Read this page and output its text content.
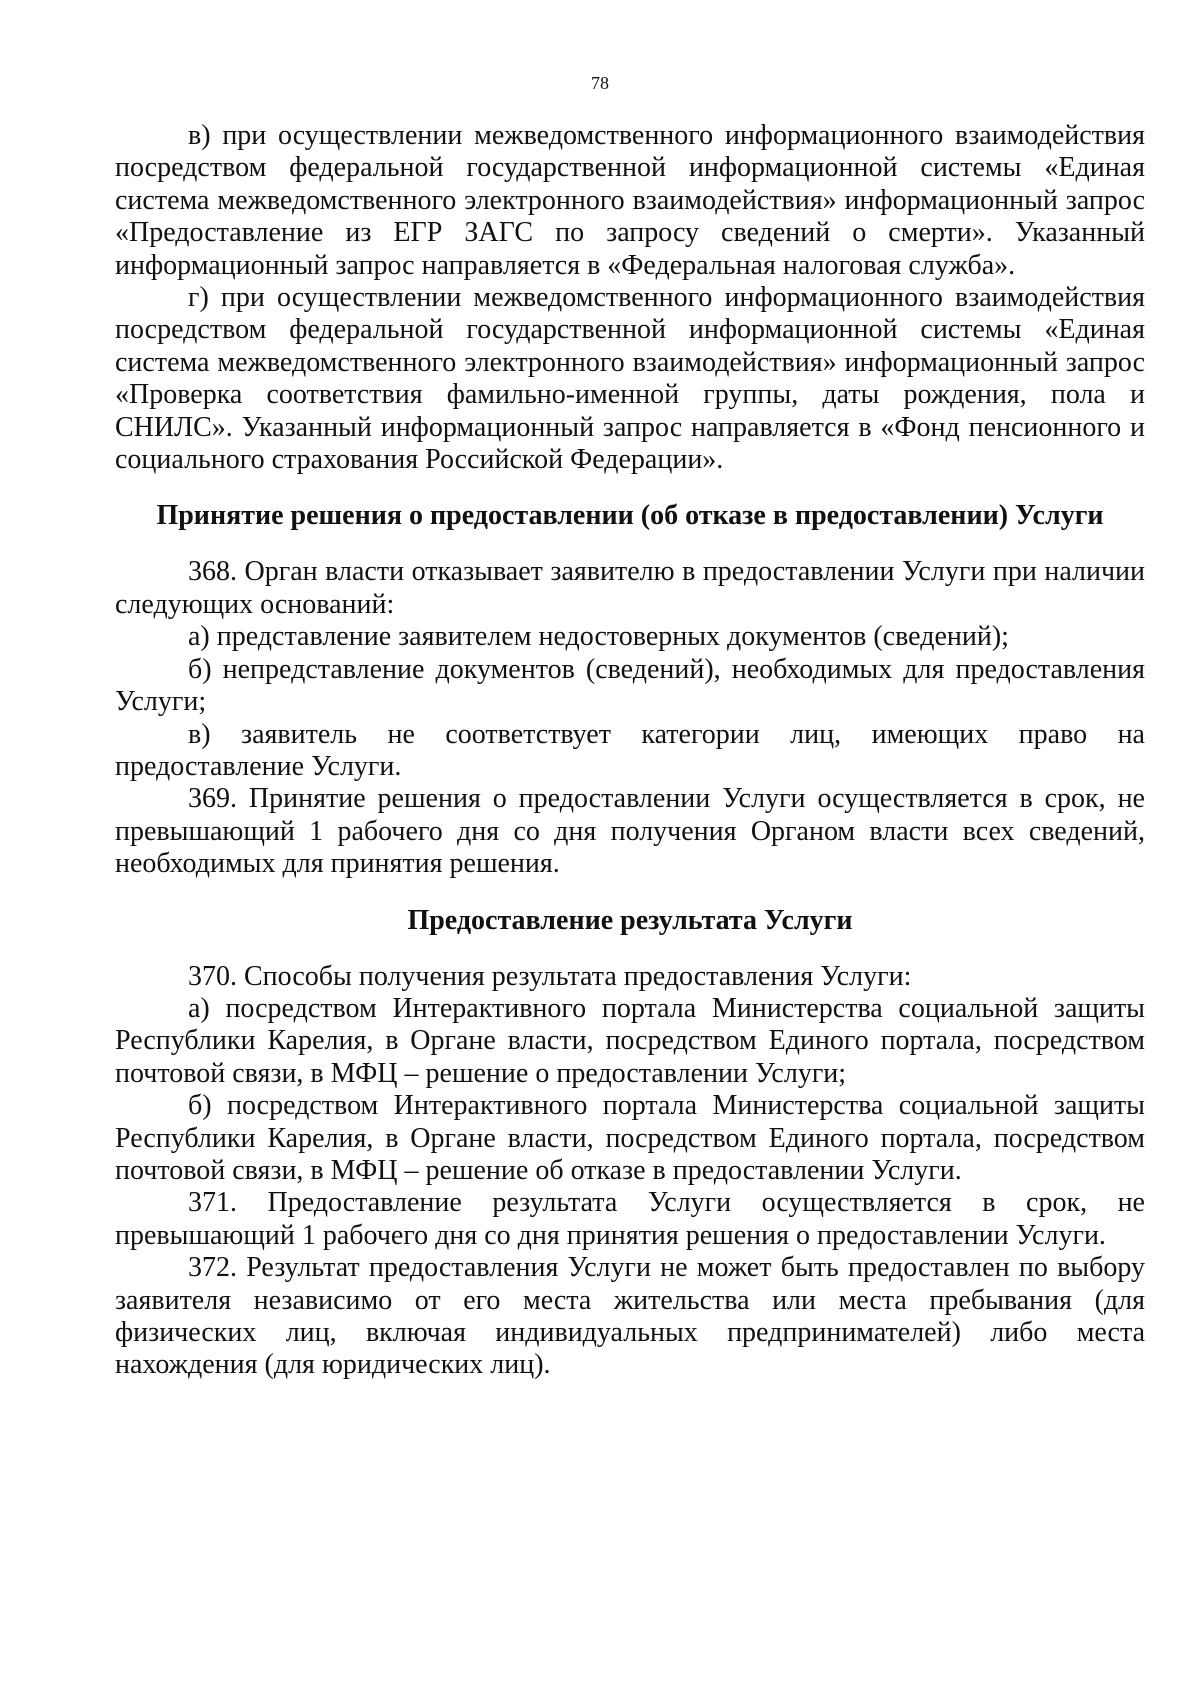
78

в) при осуществлении межведомственного информационного взаимодействия посредством федеральной государственной информационной системы «Единая система межведомственного электронного взаимодействия» информационный запрос «Предоставление из ЕГР ЗАГС по запросу сведений о смерти». Указанный информационный запрос направляется в «Федеральная налоговая служба».

г) при осуществлении межведомственного информационного взаимодействия посредством федеральной государственной информационной системы «Единая система межведомственного электронного взаимодействия» информационный запрос «Проверка соответствия фамильно-именной группы, даты рождения, пола и СНИЛС». Указанный информационный запрос направляется в «Фонд пенсионного и социального страхования Российской Федерации».

Принятие решения о предоставлении (об отказе в предоставлении) Услуги

368. Орган власти отказывает заявителю в предоставлении Услуги при наличии следующих оснований:

а) представление заявителем недостоверных документов (сведений);

б) непредставление документов (сведений), необходимых для предоставления Услуги;

в) заявитель не соответствует категории лиц, имеющих право на предоставление Услуги.

369. Принятие решения о предоставлении Услуги осуществляется в срок, не превышающий 1 рабочего дня со дня получения Органом власти всех сведений, необходимых для принятия решения.

Предоставление результата Услуги

370. Способы получения результата предоставления Услуги:

а) посредством Интерактивного портала Министерства социальной защиты Республики Карелия, в Органе власти, посредством Единого портала, посредством почтовой связи, в МФЦ – решение о предоставлении Услуги;

б) посредством Интерактивного портала Министерства социальной защиты Республики Карелия, в Органе власти, посредством Единого портала, посредством почтовой связи, в МФЦ – решение об отказе в предоставлении Услуги.

371. Предоставление результата Услуги осуществляется в срок, не превышающий 1 рабочего дня со дня принятия решения о предоставлении Услуги.

372. Результат предоставления Услуги не может быть предоставлен по выбору заявителя независимо от его места жительства или места пребывания (для физических лиц, включая индивидуальных предпринимателей) либо места нахождения (для юридических лиц).
